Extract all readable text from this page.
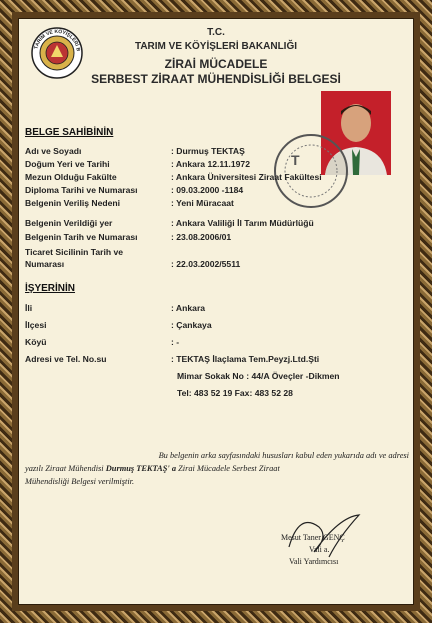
TARIM VE KÖYİŞLERİ B
T.C.
TARIM VE KÖYİŞLERİ BAKANLIĞI
ZİRAİ MÜCADELE
SERBEST ZİRAAT MÜHENDİSLİĞİ BELGESİ
T
BELGE SAHİBİNİN
Adı ve Soyadı	: Durmuş TEKTAŞ
Doğum Yeri ve Tarihi	: Ankara 12.11.1972
Mezun Olduğu Fakülte	: Ankara Üniversitesi Ziraat Fakültesi
Diploma Tarihi ve Numarası	: 09.03.2000 -1184
Belgenin Veriliş Nedeni	: Yeni Müracaat
Belgenin Verildiği yer	: Ankara Valiliği İl Tarım Müdürlüğü
Belgenin Tarih ve Numarası	: 23.08.2006/01
Ticaret Sicilinin Tarih ve
Numarası	: 22.03.2002/5511
İŞYERİNİN
İli	: Ankara
İlçesi	: Çankaya
Köyü	: -
Adresi ve Tel. No.su	: TEKTAŞ İlaçlama Tem.Peyzj.Ltd.Şti
Mimar Sokak No : 44/A Öveçler -Dikmen
Tel: 483 52 19 Fax: 483 52 28
Bu belgenin arka sayfasındaki hususları kabul eden yukarıda adı ve adresi
yazılı Ziraat Mühendisi Durmuş TEKTAŞ' a Zirai Mücadele Serbest Ziraat
Mühendisliği Belgesi verilmiştir.
Mesut Taner GENÇ
Vali a.
Vali Yardımcısı
